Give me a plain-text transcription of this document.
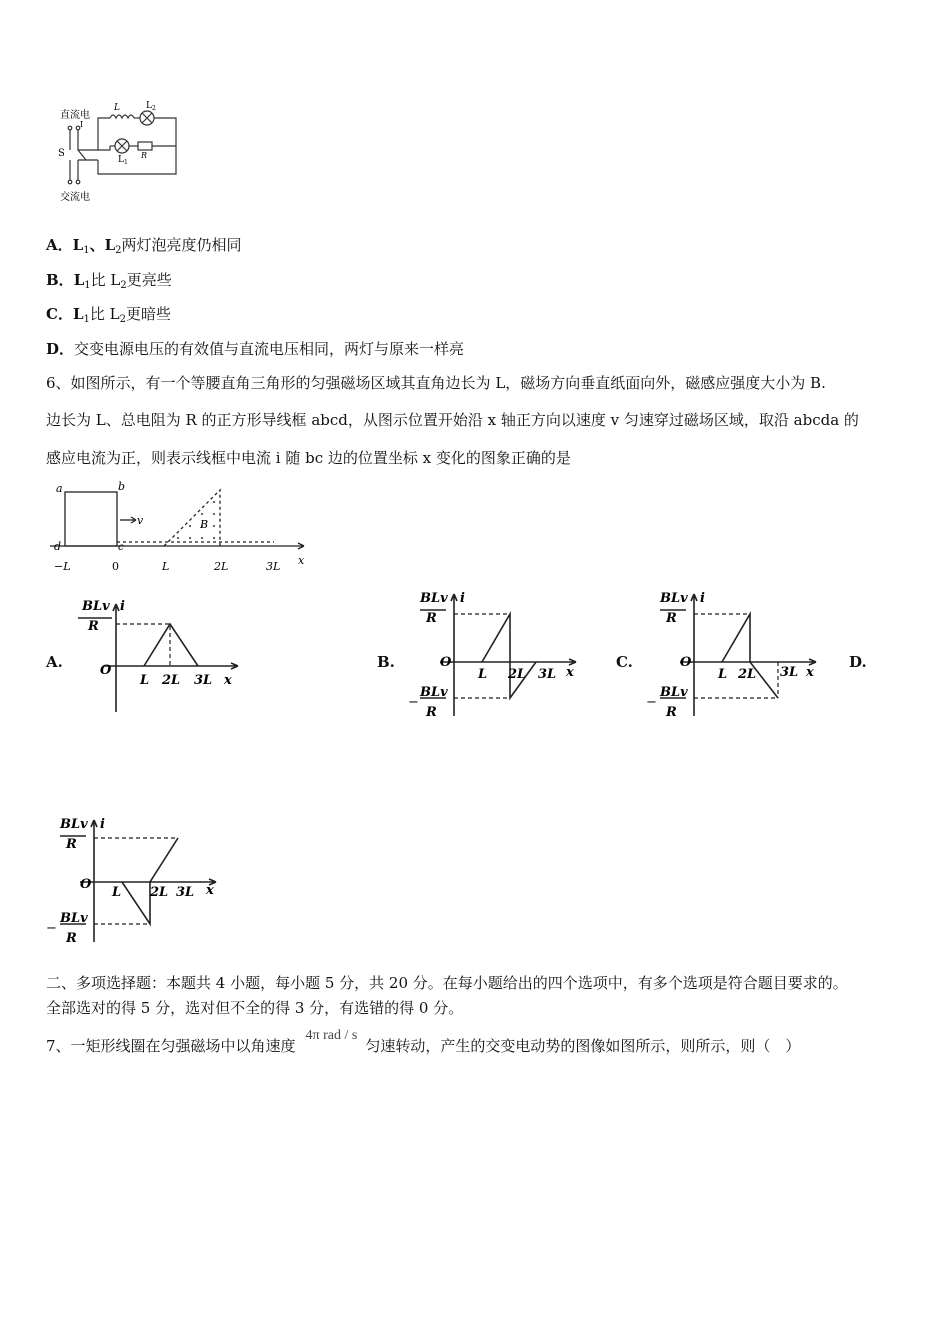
直流电
I
L	L 2
L 1
R
S
交流电
A．$L_1$、$L_2$两灯泡亮度仍相同
B．$L_1$比 $L_2$更亮些
C．$L_1$比 $L_2$更暗些
D．交变电源电压的有效值与直流电压相同，两灯与原来一样亮
6、如图所示，有一个等腰直角三角形的匀强磁场区域其直角边长为 L，磁场方向垂直纸面向外，磁感应强度大小为 B.
边长为 L、总电阻为 R 的正方形导线框 abcd，从图示位置开始沿 x 轴正方向以速度 v 匀速穿过磁场区域，取沿 abcda 的
感应电流为正，则表示线框中电流 i 随 bc 边的位置坐标 x 变化的图象正确的是
a	b
c
d
v	B
−L	0	L	2L	3L x
A.	B.	C.	D.
BLv
R
i
O
L 2L 3L x
BLv
R
i
O
L 2L 3L x
−
BLv
R
BLv
R
i
O
L 2L 3L x
−
BLv
R
BLv
R
i
O
L 2L 3L x
−
BLv
R
二、多项选择题：本题共 4 小题，每小题 5 分，共 20 分。在每小题给出的四个选项中，有多个选项是符合题目要求的。
全部选对的得 5 分，选对但不全的得 3 分，有选错的得 0 分。
7、一矩形线圈在匀强磁场中以角速度4π rad / s匀速转动，产生的交变电动势的图像如图所示，则所示，则（　）
